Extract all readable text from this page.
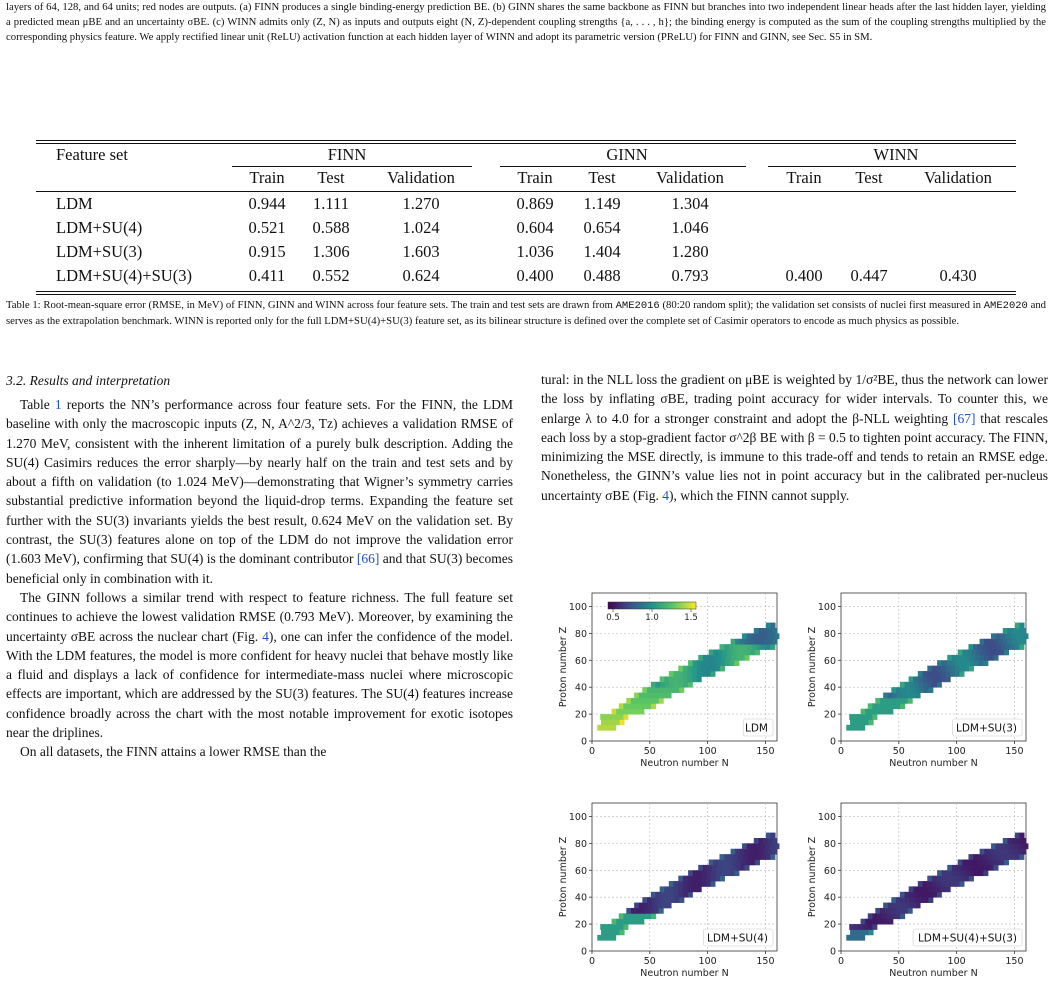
layers of 64, 128, and 64 units; red nodes are outputs. (a) FINN produces a single binding-energy prediction BE. (b) GINN shares the same backbone as FINN but branches into two independent linear heads after the last hidden layer, yielding a predicted mean μBE and an uncertainty σBE. (c) WINN admits only (Z, N) as inputs and outputs eight (N, Z)-dependent coupling strengths {a, . . . , h}; the binding energy is computed as the sum of the coupling strengths multiplied by the corresponding physics feature. We apply rectified linear unit (ReLU) activation function at each hidden layer of WINN and adopt its parametric version (PReLU) for FINN and GINN, see Sec. S5 in SM.
Feature set	FINN	GINN	WINN
Train Test	Validation	Train Test Validation	Train Test	Validation
LDM	0.944 1.111	1.270	0.869 1.149	1.304
LDM+SU(4)	0.521 0.588	1.024	0.604 0.654	1.046
LDM+SU(3)	0.915 1.306	1.603	1.036 1.404	1.280
LDM+SU(4)+SU(3)	0.411 0.552	0.624	0.400 0.488	0.793	0.400 0.447	0.430
Table 1: Root-mean-square error (RMSE, in MeV) of FINN, GINN and WINN across four feature sets. The train and test sets are drawn from AME2016 (80:20 random split); the validation set consists of nuclei first measured in AME2020 and serves as the extrapolation benchmark. WINN is reported only for the full LDM+SU(4)+SU(3) feature set, as its bilinear structure is defined over the complete set of Casimir operators to encode as much physics as possible.
3.2. Results and interpretation

Table 1 reports the NN’s performance across four feature sets. For the FINN, the LDM baseline with only the macroscopic inputs (Z, N, A^2/3, Tz) achieves a validation RMSE of 1.270 MeV, consistent with the inherent limitation of a purely bulk description. Adding the SU(4) Casimirs reduces the error sharply—by nearly half on the train and test sets and by about a fifth on validation (to 1.024 MeV)—demonstrating that Wigner’s symmetry carries substantial predictive information beyond the liquid-drop terms. Expanding the feature set further with the SU(3) invariants yields the best result, 0.624 MeV on the validation set. By contrast, the SU(3) features alone on top of the LDM do not improve the validation error (1.603 MeV), confirming that SU(4) is the dominant contributor [66] and that SU(3) becomes beneficial only in combination with it.

The GINN follows a similar trend with respect to feature richness. The full feature set continues to achieve the lowest validation RMSE (0.793 MeV). Moreover, by examining the uncertainty σBE across the nuclear chart (Fig. 4), one can infer the confidence of the model. With the LDM features, the model is more confident for heavy nuclei that behave mostly like a fluid and displays a lack of confidence for intermediate-mass nuclei where microscopic effects are important, which are addressed by the SU(3) features. The SU(4) features increase confidence broadly across the chart with the most notable improvement for exotic isotopes near the driplines.

On all datasets, the FINN attains a lower RMSE than the

tural: in the NLL loss the gradient on μBE is weighted by 1/σ²BE, thus the network can lower the loss by inflating σBE, trading point accuracy for wider intervals. To counter this, we enlarge λ to 4.0 for a stronger constraint and adopt the β-NLL weighting [67] that rescales each loss by a stop-gradient factor σ^2β BE with β = 0.5 to tighten point accuracy. The FINN, minimizing the MSE directly, is immune to this trade-off and tends to retain an RMSE edge. Nonetheless, the GINN’s value lies not in point accuracy but in the calibrated per-nucleus uncertainty σBE (Fig. 4), which the FINN cannot supply.

0	50	100	150
0
20
40
60
80
100
Neutron number N
Proton number Z
LDM
0.5	1.0	1.5
0	50	100	150
0
20
40
60
80
100
Neutron number N
Proton number Z
LDM+SU(3)
0	50	100	150
0
20
40
60
80
100
Neutron number N
Proton number Z
LDM+SU(4)
0	50	100	150
0
20
40
60
80
100
Neutron number N
Proton number Z
LDM+SU(4)+SU(3)
